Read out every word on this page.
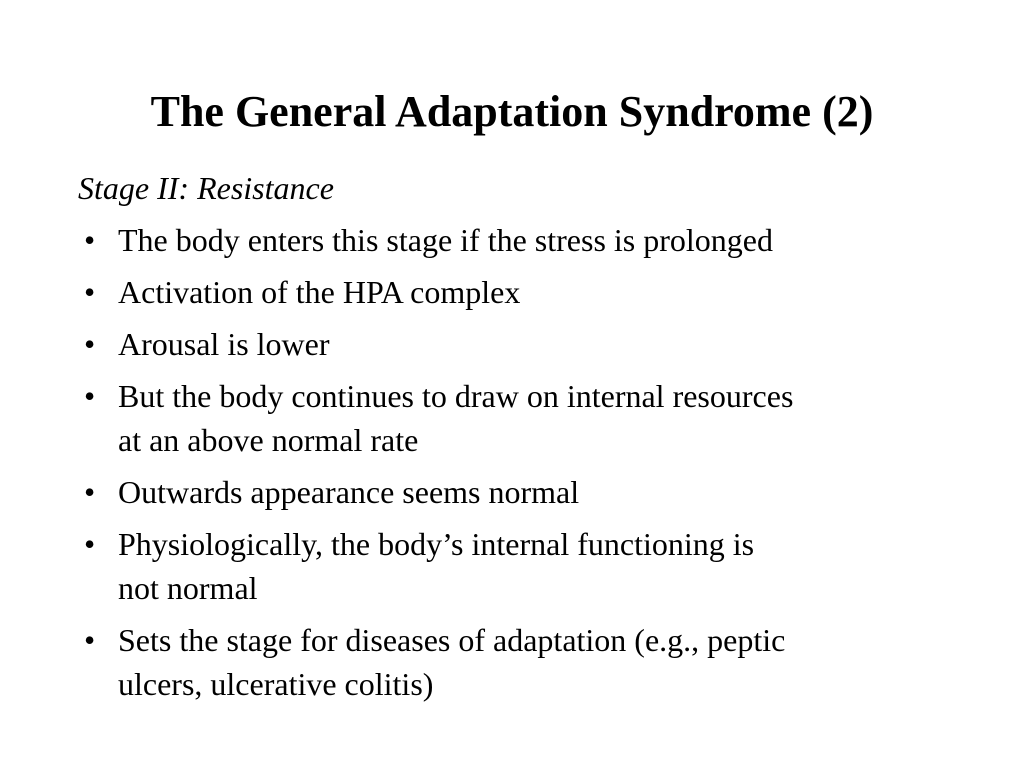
The General Adaptation Syndrome (2)
Stage II: Resistance
• The body enters this stage if the stress is prolonged
• Activation of the HPA complex
• Arousal is lower
• But the body continues to draw on internal resources
at an above normal rate
• Outwards appearance seems normal
• Physiologically, the body’s internal functioning is
not normal
• Sets the stage for diseases of adaptation (e.g., peptic
ulcers, ulcerative colitis)
